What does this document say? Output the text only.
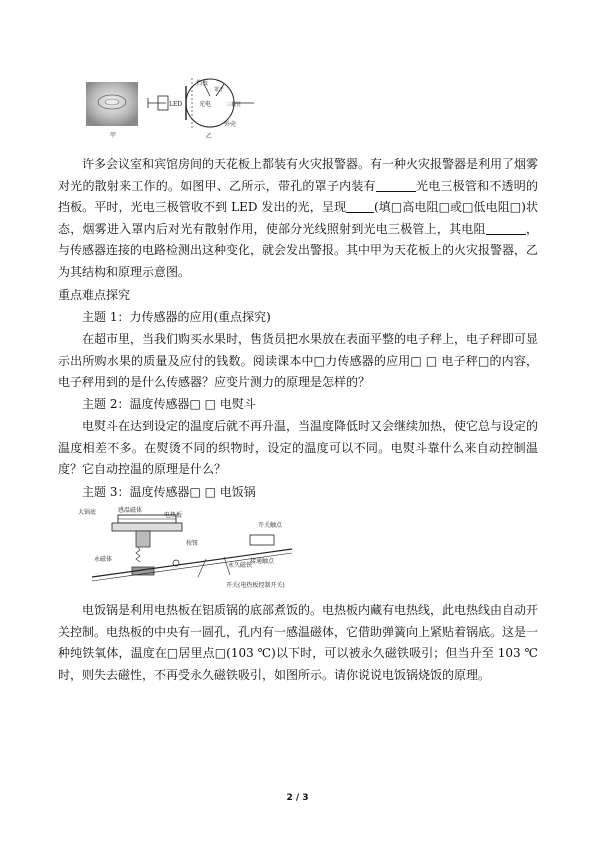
甲
挡板
LED	光电	三极管
罩子
外壳
乙

许多会议室和宾馆房间的天花板上都装有火灾报警器。有一种火灾报警器是利用了烟雾对光的散射来工作的。如图甲、乙所示，带孔的罩子内装有	光电三极管和不透明的挡板。平时，光电三极管收不到 LED 发出的光，呈现 (填□高电阻□或□低电阻□)状态，烟雾进入罩内后对光有散射作用，使部分光线照射到光电三极管上，其电阻	，与传感器连接的电路检测出这种变化，就会发出警报。其中甲为天花板上的火灾报警器，乙为其结构和原理示意图。

重点难点探究

主题 1：力传感器的应用(重点探究)

在超市里，当我们购买水果时，售货员把水果放在表面平整的电子秤上，电子秤即可显示出所购水果的质量及应付的钱数。阅读课本中□力传感器的应用□ □ 电子秤□的内容，电子秤用到的是什么传感器？应变片测力的原理是怎样的？

主题 2：温度传感器□ □ 电熨斗

电熨斗在达到设定的温度后就不再升温，当温度降低时又会继续加热，使它总与设定的温度相差不多。在熨烫不同的织物时，设定的温度可以不同。电熨斗靠什么来自动控制温度？它自动控温的原理是什么？

主题 3：温度传感器□ □ 电饭锅

大锅底	感温磁体
永磁体
电热板
开关触点
按钮
永久磁铁
接通触点
开关(电热板控制开关)

电饭锅是利用电热板在铝质锅的底部煮饭的。电热板内藏有电热线，此电热线由自动开关控制。电热板的中央有一圆孔，孔内有一感温磁体，它借助弹簧向上紧贴着锅底。这是一种纯铁氧体，温度在□居里点□(103 ℃)以下时，可以被永久磁铁吸引；但当升至 103 ℃时，则失去磁性，不再受永久磁铁吸引，如图所示。请你说说电饭锅烧饭的原理。

2 / 3
